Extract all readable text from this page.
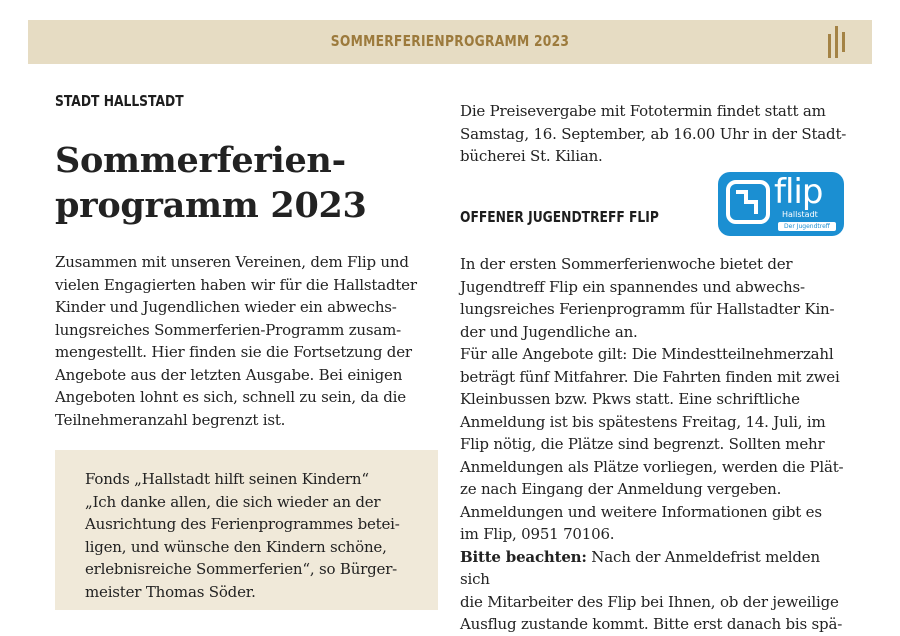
SOMMERFERIENPROGRAMM 2023
STADT HALLSTADT
Sommerferien-
programm 2023
Zusammen mit unseren Vereinen, dem Flip und
vielen Engagierten haben wir für die Hallstadter
Kinder und Jugendlichen wieder ein abwechs-
lungsreiches Sommerferien-Programm zusam-
mengestellt. Hier finden sie die Fortsetzung der
Angebote aus der letzten Ausgabe. Bei einigen
Angeboten lohnt es sich, schnell zu sein, da die
Teilnehmeranzahl begrenzt ist.
Fonds „Hallstadt hilft seinen Kindern“
„Ich danke allen, die sich wieder an der
Ausrichtung des Ferienprogrammes betei-
ligen, und wünsche den Kindern schöne,
erlebnisreiche Sommerferien“, so Bürger-
meister Thomas Söder.
Die Preisevergabe mit Fototermin findet statt am
Samstag, 16. September, ab 16.00 Uhr in der Stadt-
bücherei St. Kilian.
flip
Hallstadt
Der Jugendtreff
OFFENER JUGENDTREFF FLIP
In der ersten Sommerferienwoche bietet der
Jugendtreff Flip ein spannendes und abwechs-
lungsreiches Ferienprogramm für Hallstadter Kin-
der und Jugendliche an.
Für alle Angebote gilt: Die Mindestteilnehmerzahl
beträgt fünf Mitfahrer. Die Fahrten finden mit zwei
Kleinbussen bzw. Pkws statt. Eine schriftliche
Anmeldung ist bis spätestens Freitag, 14. Juli, im
Flip nötig, die Plätze sind begrenzt. Sollten mehr
Anmeldungen als Plätze vorliegen, werden die Plät-
ze nach Eingang der Anmeldung vergeben.
Anmeldungen und weitere Informationen gibt es
im Flip, 0951 70106.
Bitte beachten: Nach der Anmeldefrist melden sich
die Mitarbeiter des Flip bei Ihnen, ob der jeweilige
Ausflug zustande kommt. Bitte erst danach bis spä-
